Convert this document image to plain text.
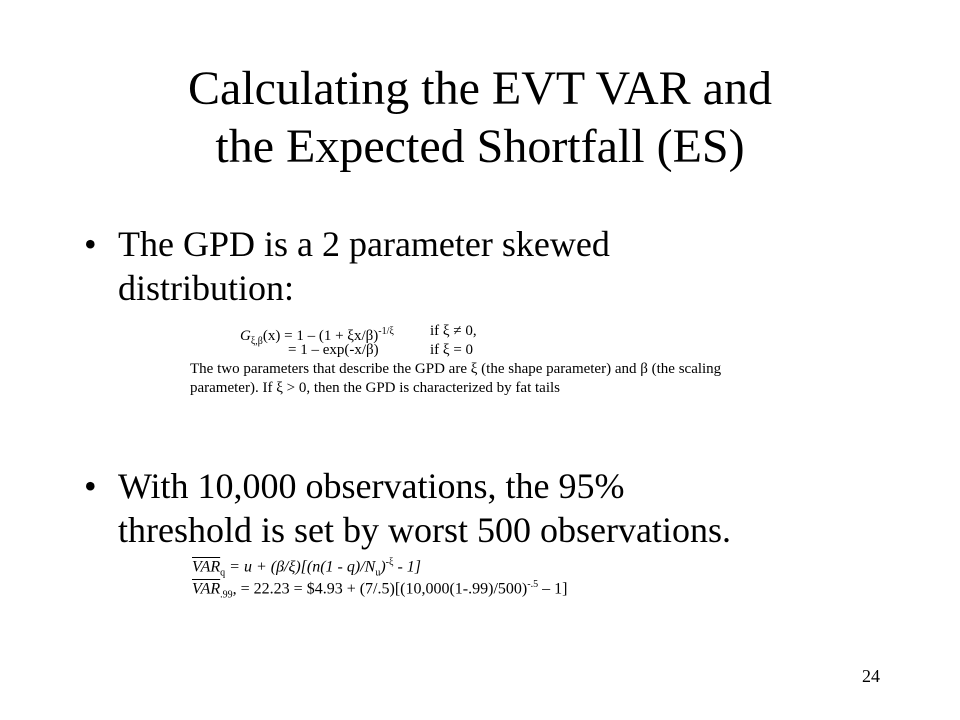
Calculating the EVT VAR and
the Expected Shortfall (ES)
• The GPD is a 2 parameter skewed
distribution:
$G_{\xi,\beta}(x) = 1 - (1 + \xi x/\beta)^{-1/\xi}$ if ξ ≠ 0,
= 1 – exp(-x/β)	if ξ = 0
The two parameters that describe the GPD are ξ (the shape parameter) and β (the scaling
parameter). If ξ > 0, then the GPD is characterized by fat tails
• With 10,000 observations, the 95%
threshold is set by worst 500 observations.
$\overline{VAR}_q = u + (\beta/\xi)[(n(1 - q)/N_u)^{-\xi} - 1]$
$\overline{VAR}_{.99}$, = 22.23 = $4.93 + $(7/.5)[(10,000(1-.99)/500)^{-.5} - 1]$
24
